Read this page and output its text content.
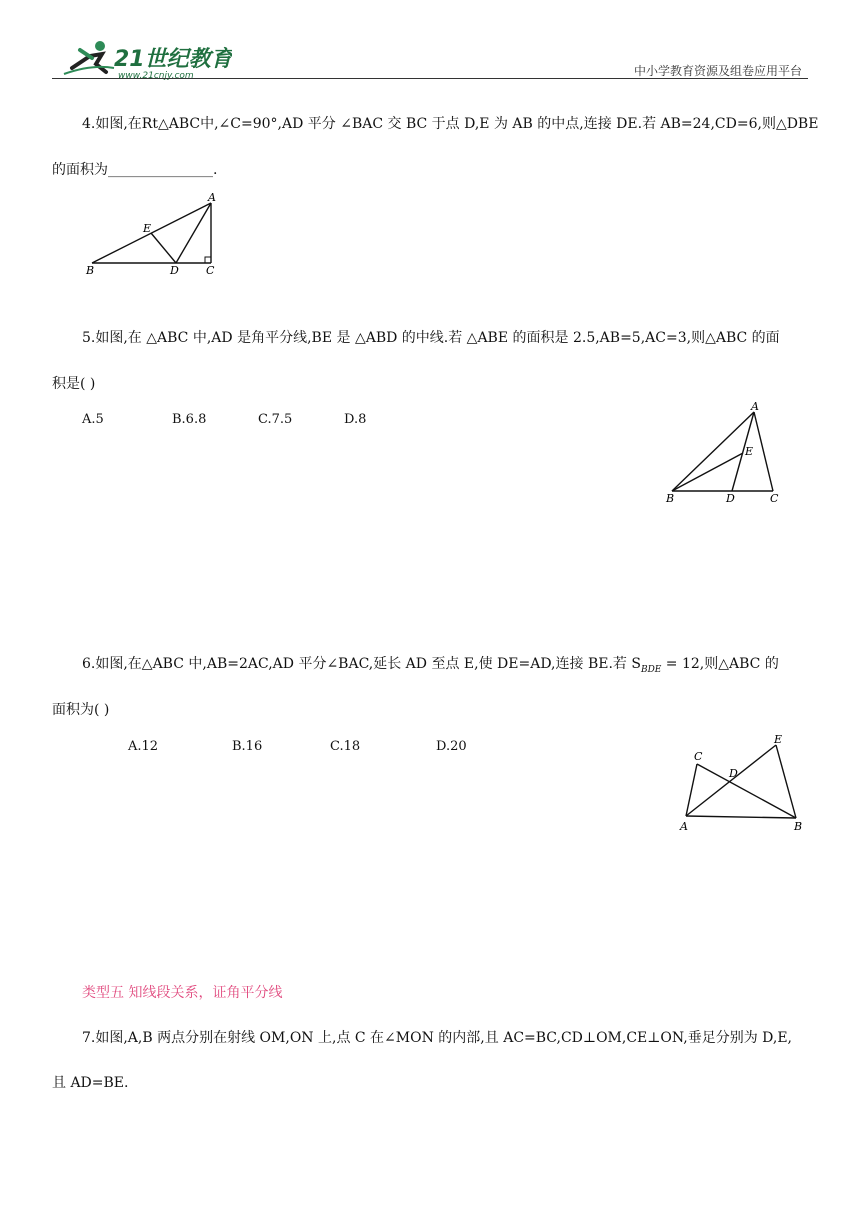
21世纪教育
www.21cnjy.com	中小学教育资源及组卷应用平台
4.如图,在Rt△ABC中,∠C=90°,AD 平分 ∠BAC 交 BC 于点 D,E 为 AB 的中点,连接 DE.若 AB=24,CD=6,则△DBE
的面积为_______________.
A
B	C
D
E
5.如图,在 △ABC 中,AD 是角平分线,BE 是 △ABD 的中线.若 △ABE 的面积是 2.5,AB=5,AC=3,则△ABC 的面
积是( )
A.5	B.6.8	C.7.5	D.8
A
B	C
D
E
6.如图,在△ABC 中,AB=2AC,AD 平分∠BAC,延长 AD 至点 E,使 DE=AD,连接 BE.若 $S_{BDE} = 12$,则△ABC 的
面积为( )
A.12	B.16	C.18	D.20
A	B
C
D
E
类型五 知线段关系，证角平分线
7.如图,A,B 两点分别在射线 OM,ON 上,点 C 在∠MON 的内部,且 AC=BC,CD⊥OM,CE⊥ON,垂足分别为 D,E,
且 AD=BE.
